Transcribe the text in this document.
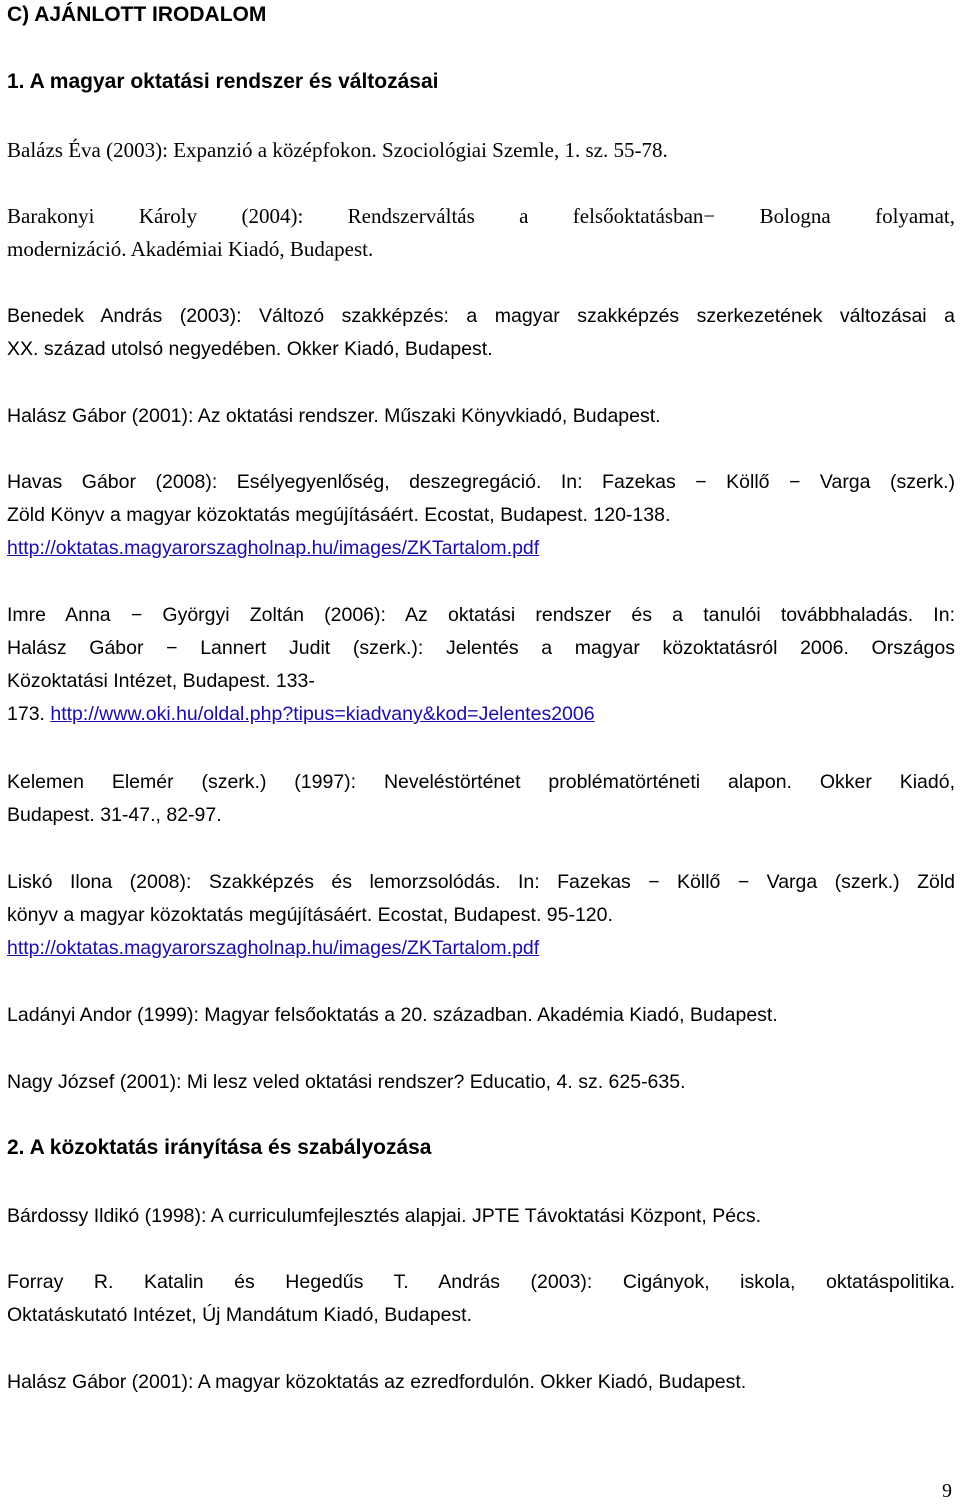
C) AJÁNLOTT IRODALOM
1. A magyar oktatási rendszer és változásai
Balázs Éva (2003): Expanzió a középfokon. Szociológiai Szemle, 1. sz. 55-78.
Barakonyi Károly (2004): Rendszerváltás a felsőoktatásban− Bologna folyamat,
modernizáció. Akadémiai Kiadó, Budapest.
Benedek András (2003): Változó szakképzés: a magyar szakképzés szerkezetének változásai a
XX. század utolsó negyedében. Okker Kiadó, Budapest.
Halász Gábor (2001): Az oktatási rendszer. Műszaki Könyvkiadó, Budapest.
Havas Gábor (2008): Esélyegyenlőség, deszegregáció. In: Fazekas − Köllő − Varga (szerk.)
Zöld Könyv a magyar közoktatás megújításáért. Ecostat, Budapest. 120-138.
http://oktatas.magyarorszagholnap.hu/images/ZKTartalom.pdf
Imre Anna − Györgyi Zoltán (2006): Az oktatási rendszer és a tanulói továbbhaladás. In:
Halász Gábor − Lannert Judit (szerk.): Jelentés a magyar közoktatásról 2006. Országos
Közoktatási Intézet, Budapest. 133-
173. http://www.oki.hu/oldal.php?tipus=kiadvany&kod=Jelentes2006
Kelemen Elemér (szerk.) (1997): Neveléstörténet problématörténeti alapon. Okker Kiadó,
Budapest. 31-47., 82-97.
Liskó Ilona (2008): Szakképzés és lemorzsolódás. In: Fazekas − Köllő − Varga (szerk.) Zöld
könyv a magyar közoktatás megújításáért. Ecostat, Budapest. 95-120.
http://oktatas.magyarorszagholnap.hu/images/ZKTartalom.pdf
Ladányi Andor (1999): Magyar felsőoktatás a 20. században. Akadémia Kiadó, Budapest.
Nagy József (2001): Mi lesz veled oktatási rendszer? Educatio, 4. sz. 625-635.
2. A közoktatás irányítása és szabályozása
Bárdossy Ildikó (1998): A curriculumfejlesztés alapjai. JPTE Távoktatási Központ, Pécs.
Forray R. Katalin és Hegedűs T. András (2003): Cigányok, iskola, oktatáspolitika.
Oktatáskutató Intézet, Új Mandátum Kiadó, Budapest.
Halász Gábor (2001): A magyar közoktatás az ezredfordulón. Okker Kiadó, Budapest.
9
